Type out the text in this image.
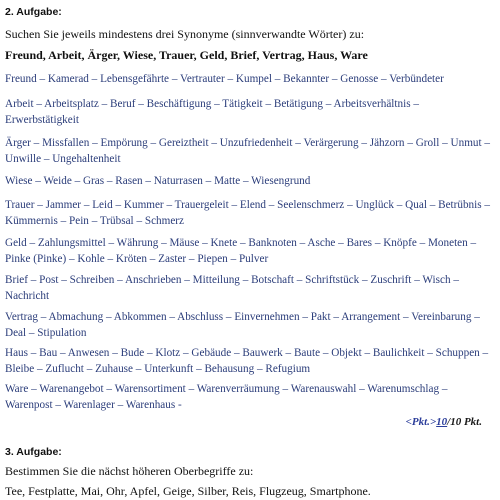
2. Aufgabe:
Suchen Sie jeweils mindestens drei Synonyme (sinnverwandte Wörter) zu:
Freund, Arbeit, Ärger, Wiese, Trauer, Geld, Brief, Vertrag, Haus, Ware
Freund – Kamerad – Lebensgefährte – Vertrauter – Kumpel – Bekannter – Genosse – Verbündeter
Arbeit – Arbeitsplatz – Beruf – Beschäftigung – Tätigkeit – Betätigung – Arbeitsverhältnis – Erwerbstätigkeit
Ärger – Missfallen – Empörung – Gereiztheit – Unzufriedenheit – Verärgerung – Jähzorn – Groll – Unmut – Unwille – Ungehaltenheit
Wiese – Weide – Gras – Rasen – Naturrasen – Matte – Wiesengrund
Trauer – Jammer – Leid – Kummer – Trauergeleit – Elend – Seelenschmerz – Unglück – Qual – Betrübnis – Kümmernis – Pein – Trübsal – Schmerz
Geld – Zahlungsmittel – Währung – Mäuse – Knete – Banknoten – Asche – Bares – Knöpfe – Moneten – Pinke (Pinke) – Kohle – Kröten – Zaster – Piepen – Pulver
Brief – Post – Schreiben – Anschrieben – Mitteilung – Botschaft – Schriftstück – Zuschrift – Wisch – Nachricht
Vertrag – Abmachung – Abkommen – Abschluss – Einvernehmen – Pakt – Arrangement – Vereinbarung – Deal – Stipulation
Haus – Bau – Anwesen – Bude – Klotz – Gebäude – Bauwerk – Baute – Objekt – Baulichkeit – Schuppen – Bleibe – Zuflucht – Zuhause – Unterkunft – Behausung – Refugium
Ware – Warenangebot – Warensortiment – Warenverräumung – Warenauswahl – Warenumschlag – Warenpost – Warenlager – Warenhaus -
<Pkt.>10/10 Pkt.
3. Aufgabe:
Bestimmen Sie die nächst höheren Oberbegriffe zu:
Tee, Festplatte, Mai, Ohr, Apfel, Geige, Silber, Reis, Flugzeug, Smartphone.
